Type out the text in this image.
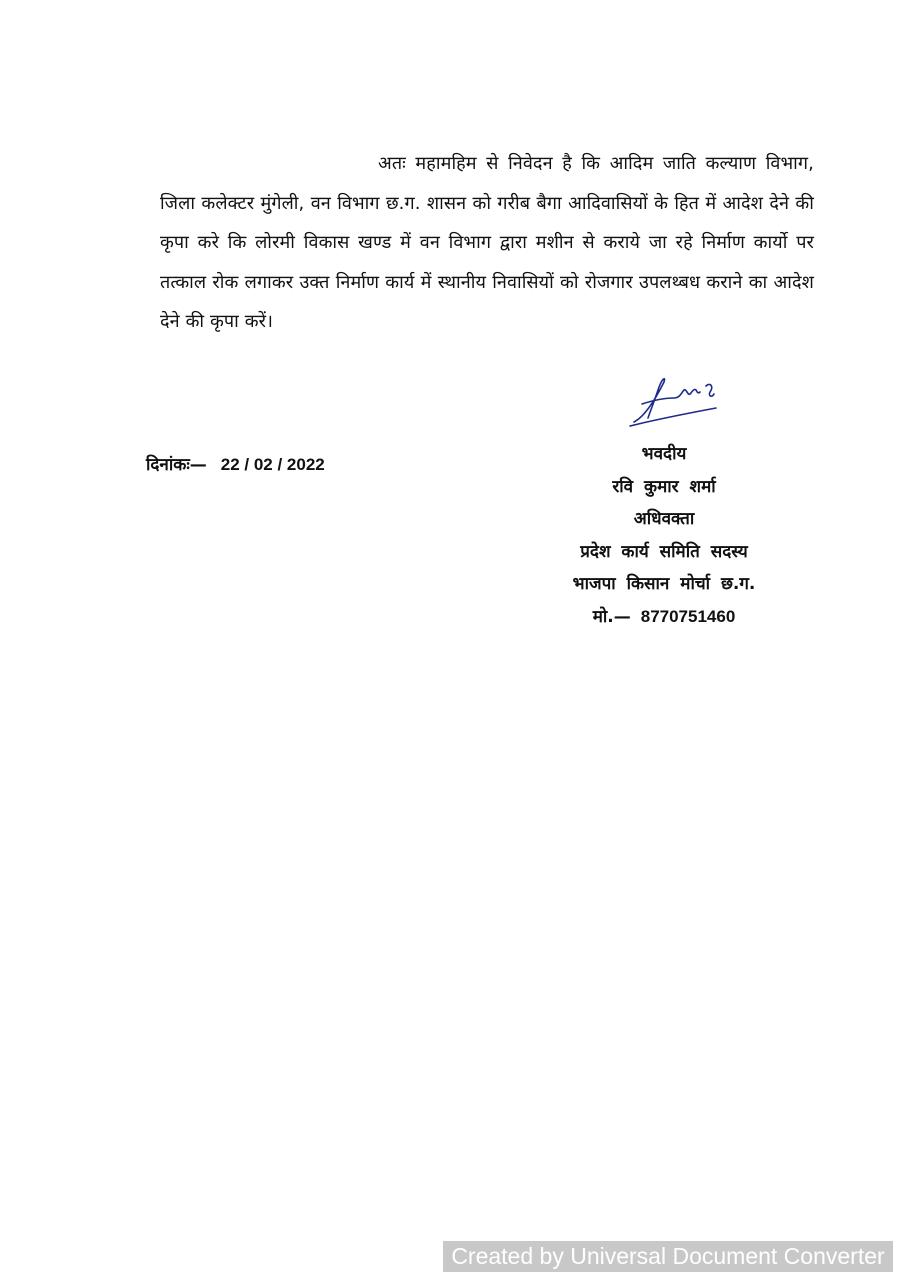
अतः महामहिम से निवेदन है कि आदिम जाति कल्याण विभाग, जिला कलेक्टर मुंगेली, वन विभाग छ.ग. शासन को गरीब बैगा आदिवासियों के हित में आदेश देने की कृपा करे कि लोरमी विकास खण्ड में वन विभाग द्वारा मशीन से कराये जा रहे निर्माण कार्यो पर तत्काल रोक लगाकर उक्त निर्माण कार्य में स्थानीय निवासियों को रोजगार उपलथ्बध कराने का आदेश देने की कृपा करें।

दिनांकः— 22 / 02 / 2022
भवदीय
रवि कुमार शर्मा
अधिवक्ता
प्रदेश कार्य समिति सदस्य
भाजपा किसान मोर्चा छ.ग.
मो.— 8770751460
Created by Universal Document Converter
